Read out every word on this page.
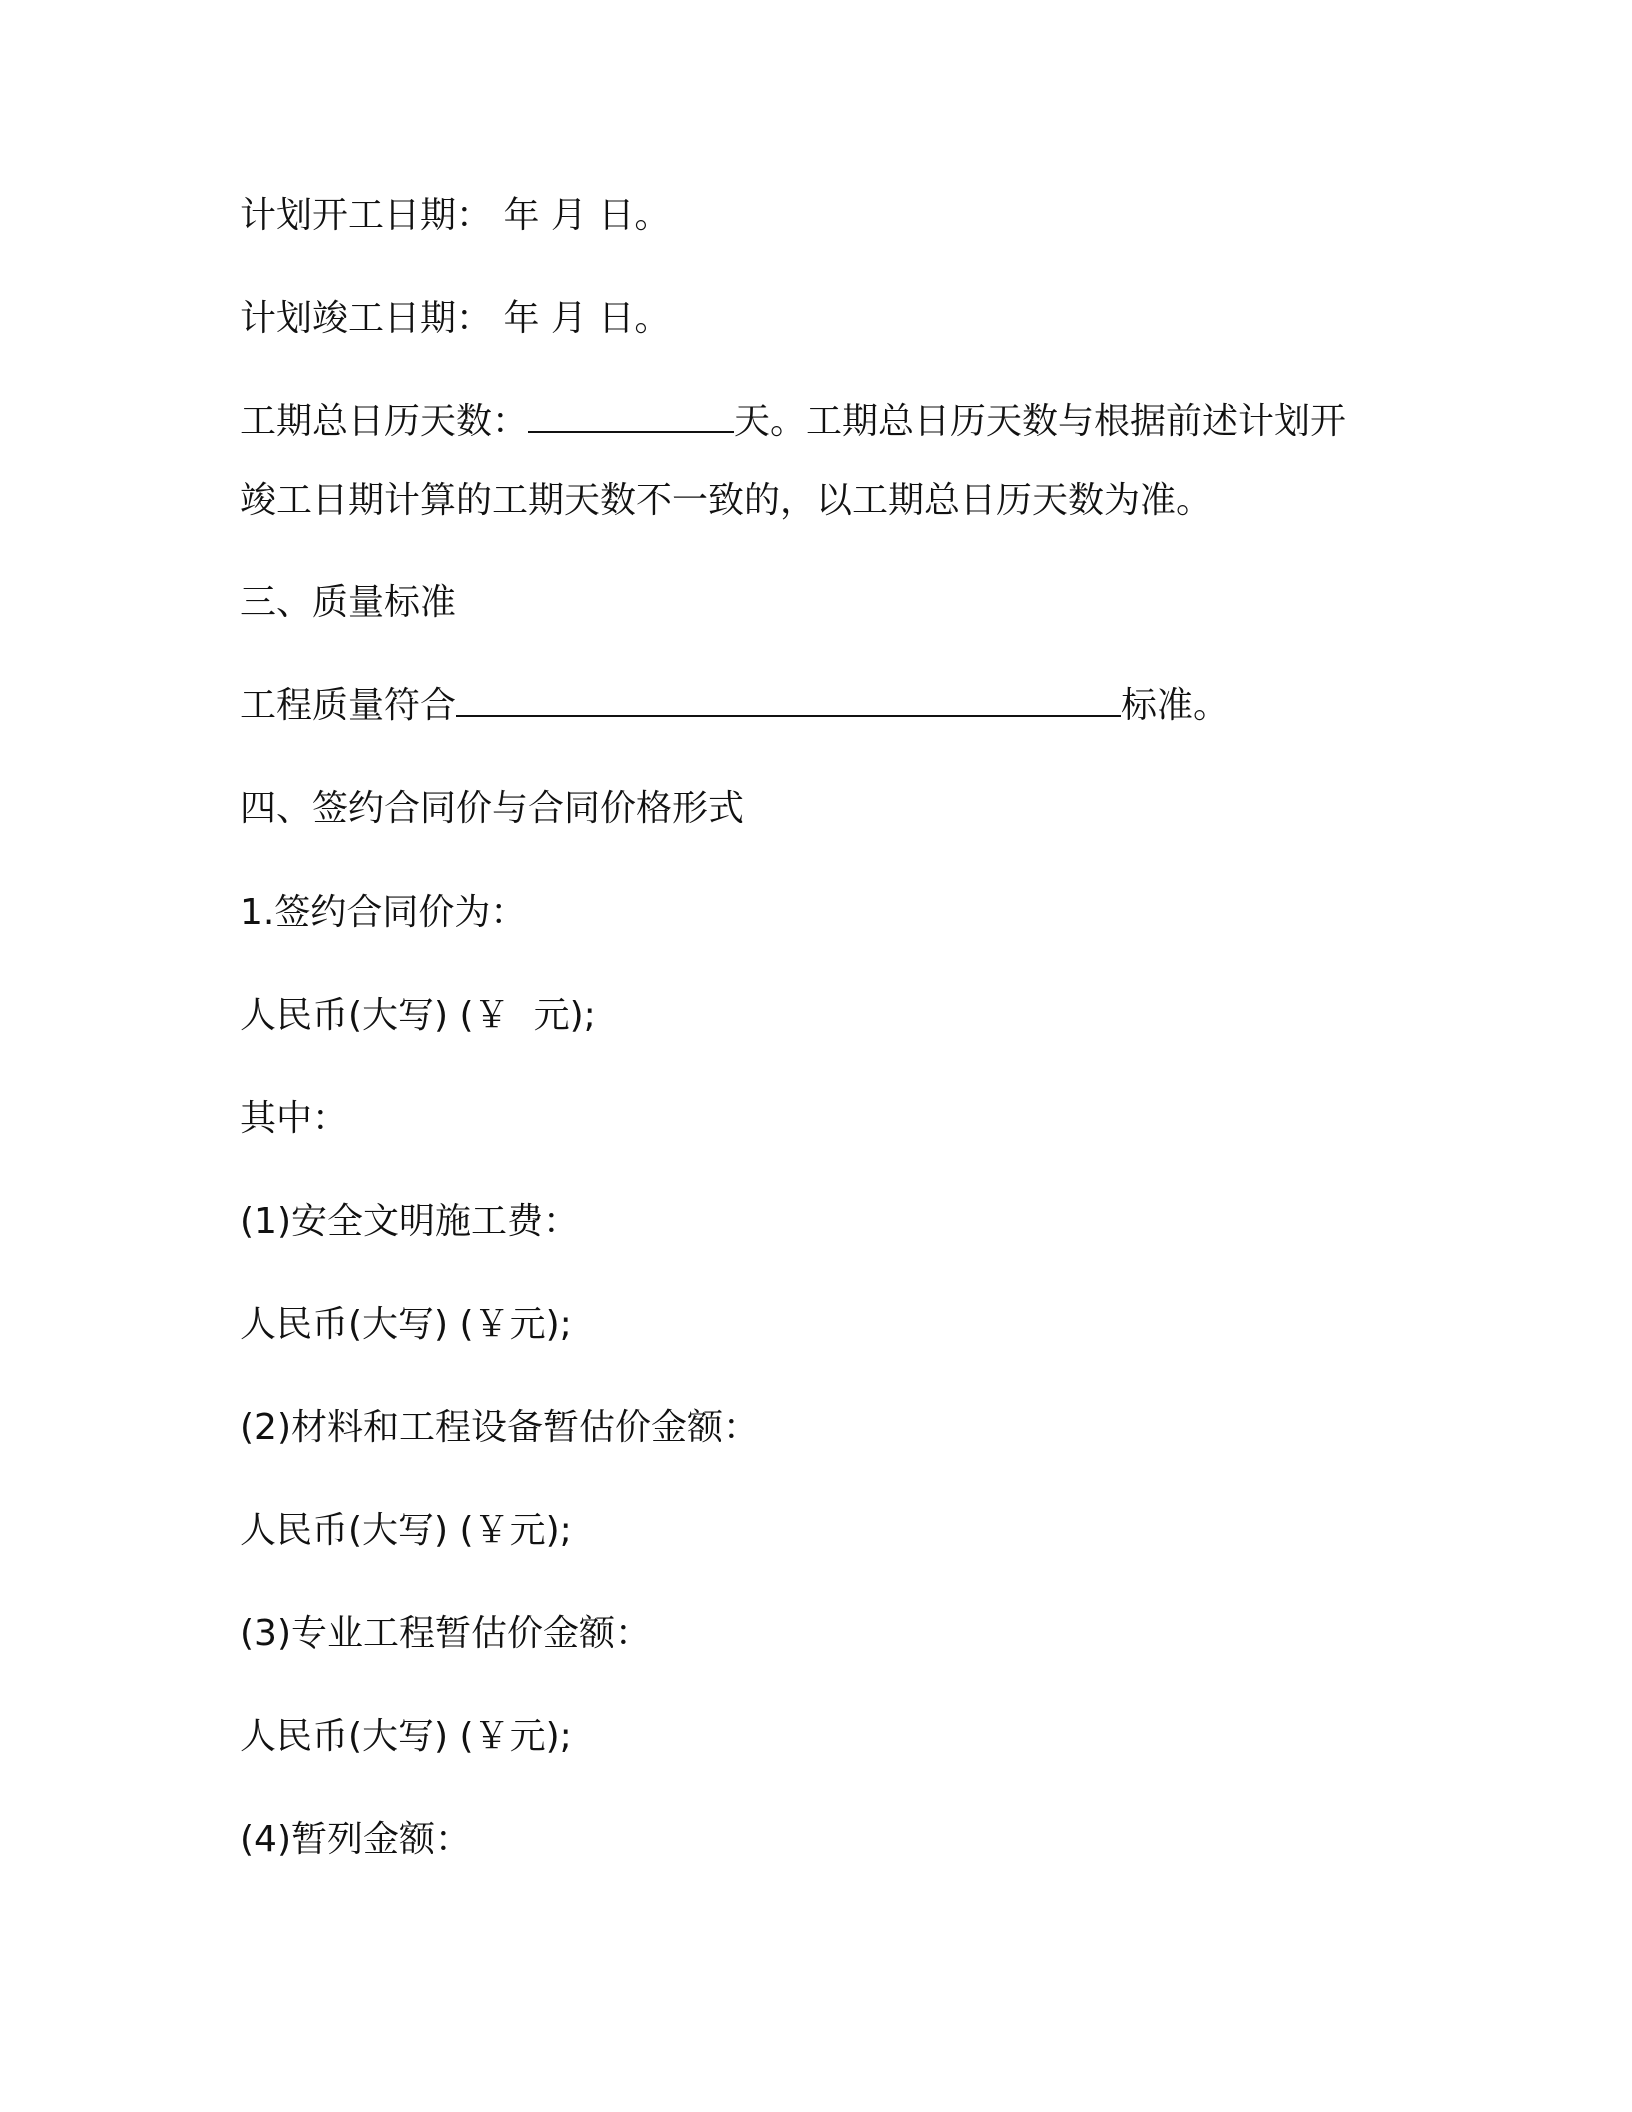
计划开工日期： 年 月 日。
计划竣工日期： 年 月 日。
工期总日历天数：	天。工期总日历天数与根据前述计划开
竣工日期计算的工期天数不一致的，以工期总日历天数为准。
三、质量标准
工程质量符合	标准。
四、签约合同价与合同价格形式
1.签约合同价为：
人民币(大写) (￥ 元);
其中：
(1)安全文明施工费：
人民币(大写) (￥元);
(2)材料和工程设备暂估价金额：
人民币(大写) (￥元);
(3)专业工程暂估价金额：
人民币(大写) (￥元);
(4)暂列金额：
